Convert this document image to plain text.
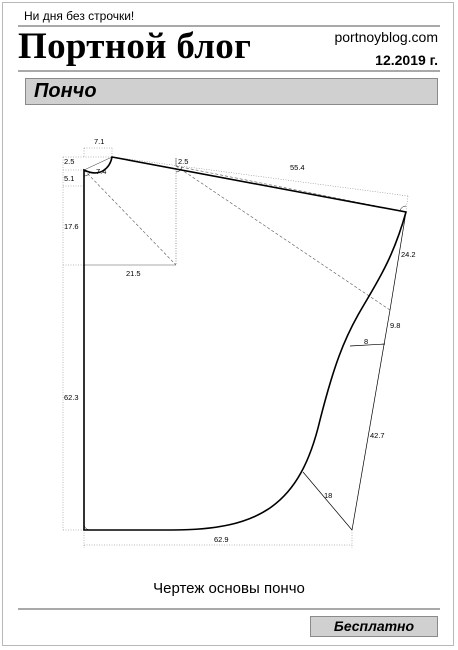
Ни дня без строчки!
Портной блог	portnoyblog.com
12.2019 г.
Пончо
7.1
2.5
5.1
7.4
2.5
55.4
17.6
21.5
24.2
9.8
8
42.7
18
62.3
62.9
Чертеж основы пончо
Бесплатно
